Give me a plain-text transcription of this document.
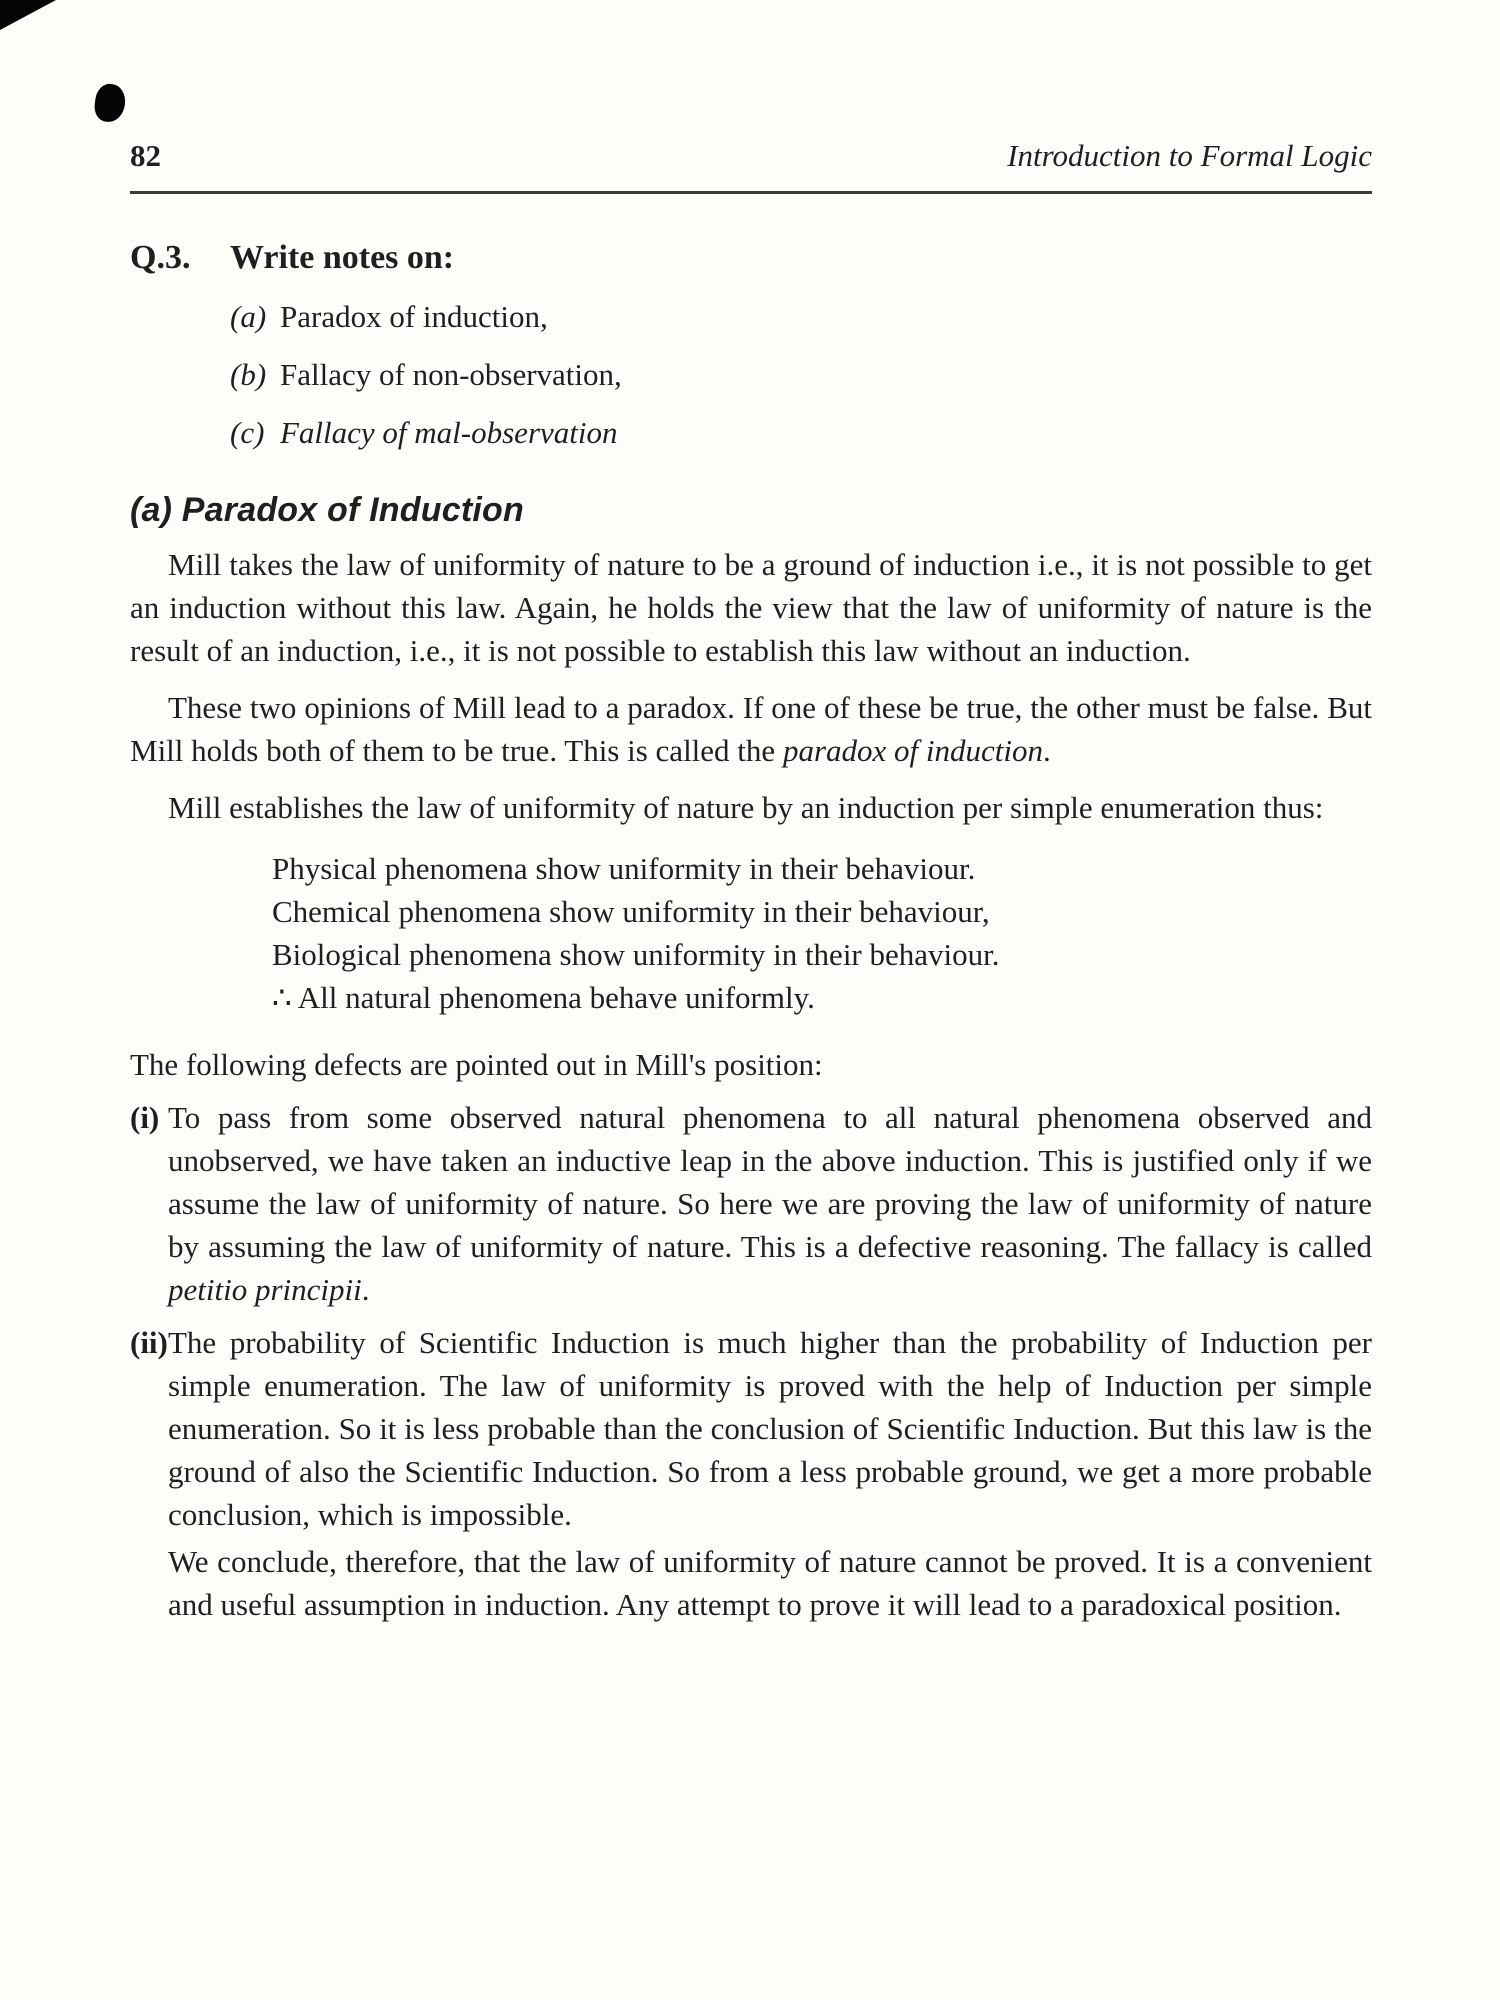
82	Introduction to Formal Logic
Q.3. Write notes on:
(a) Paradox of induction,
(b) Fallacy of non-observation,
(c) Fallacy of mal-observation
(a) Paradox of Induction

Mill takes the law of uniformity of nature to be a ground of induction i.e., it is not possible to get an induction without this law. Again, he holds the view that the law of uniformity of nature is the result of an induction, i.e., it is not possible to establish this law without an induction.

These two opinions of Mill lead to a paradox. If one of these be true, the other must be false. But Mill holds both of them to be true. This is called the paradox of induction.

Mill establishes the law of uniformity of nature by an induction per simple enumeration thus:

Physical phenomena show uniformity in their behaviour.
Chemical phenomena show uniformity in their behaviour,
Biological phenomena show uniformity in their behaviour.
∴ All natural phenomena behave uniformly.

The following defects are pointed out in Mill's position:

(i) To pass from some observed natural phenomena to all natural phenomena observed and unobserved, we have taken an inductive leap in the above induction. This is justified only if we assume the law of uniformity of nature. So here we are proving the law of uniformity of nature by assuming the law of uniformity of nature. This is a defective reasoning. The fallacy is called petitio principii.

(ii) The probability of Scientific Induction is much higher than the probability of Induction per simple enumeration. The law of uniformity is proved with the help of Induction per simple enumeration. So it is less probable than the conclusion of Scientific Induction. But this law is the ground of also the Scientific Induction. So from a less probable ground, we get a more probable conclusion, which is impossible.

We conclude, therefore, that the law of uniformity of nature cannot be proved. It is a convenient and useful assumption in induction. Any attempt to prove it will lead to a paradoxical position.
